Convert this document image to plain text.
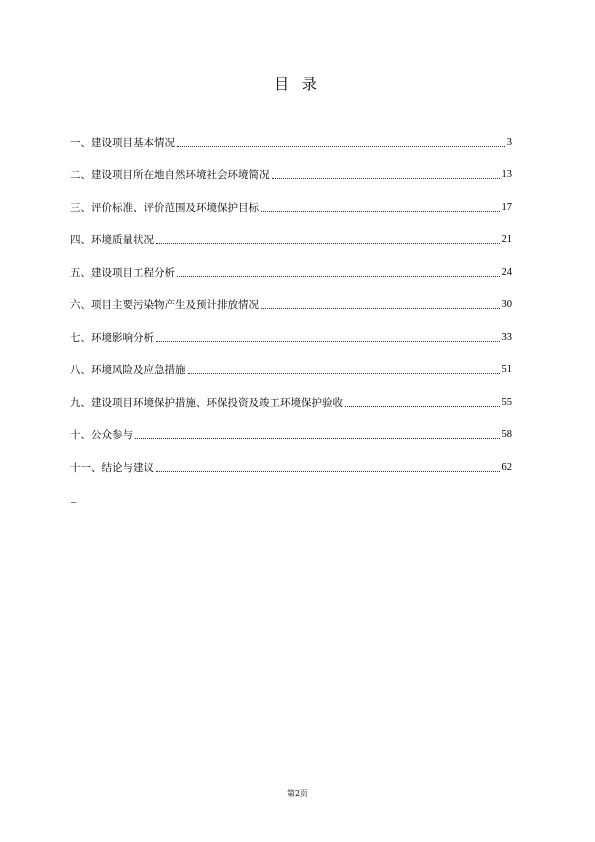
目 录
一、建设项目基本情况	3
二、建设项目所在地自然环境社会环境简况	13
三、评价标准、评价范围及环境保护目标	17
四、环境质量状况	21
五、建设项目工程分析	24
六、项目主要污染物产生及预计排放情况	30
七、环境影响分析	33
八、环境风险及应急措施	51
九、建设项目环境保护措施、环保投资及竣工环境保护验收	55
十、公众参与	58
十一、结论与建议	62
–
第2页
